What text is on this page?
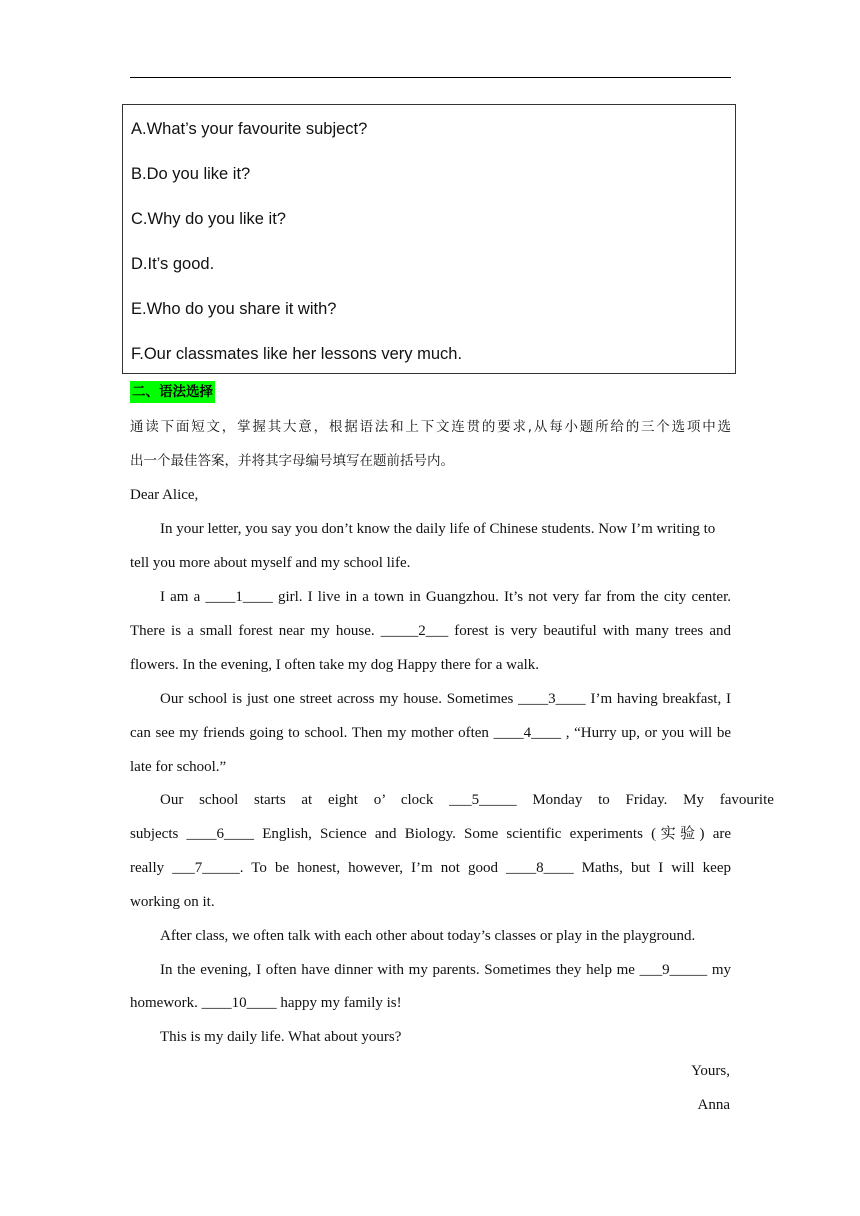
A.What’s your favourite subject?
B.Do you like it?
C.Why do you like it?
D.It’s good.
E.Who do you share it with?
F.Our classmates like her lessons very much.
二、语法选择
通读下面短文，掌握其大意，根据语法和上下文连贯的要求,从每小题所给的三个选项中选
出一个最佳答案，并将其字母编号填写在题前括号内。
Dear Alice,
In your letter, you say you don’t know the daily life of Chinese students. Now I’m writing to
tell you more about myself and my school life.
I am a ____1____ girl. I live in a town in Guangzhou. It’s not very far from the city center.
There is a small forest near my house. _____2___ forest is very beautiful with many trees and
flowers. In the evening, I often take my dog Happy there for a walk.
Our school is just one street across my house. Sometimes ____3____ I’m having breakfast, I
can see my friends going to school. Then my mother often ____4____ , “Hurry up, or you will be
late for school.”
Our school starts at eight o’ clock ___5_____ Monday to Friday. My favourite
subjects ____6____ English, Science and Biology. Some scientific experiments (实验) are
really ___7_____. To be honest, however, I’m not good ____8____ Maths, but I will keep
working on it.
After class, we often talk with each other about today’s classes or play in the playground.
In the evening, I often have dinner with my parents. Sometimes they help me ___9_____ my
homework. ____10____ happy my family is!
This is my daily life. What about yours?
Yours,
Anna
